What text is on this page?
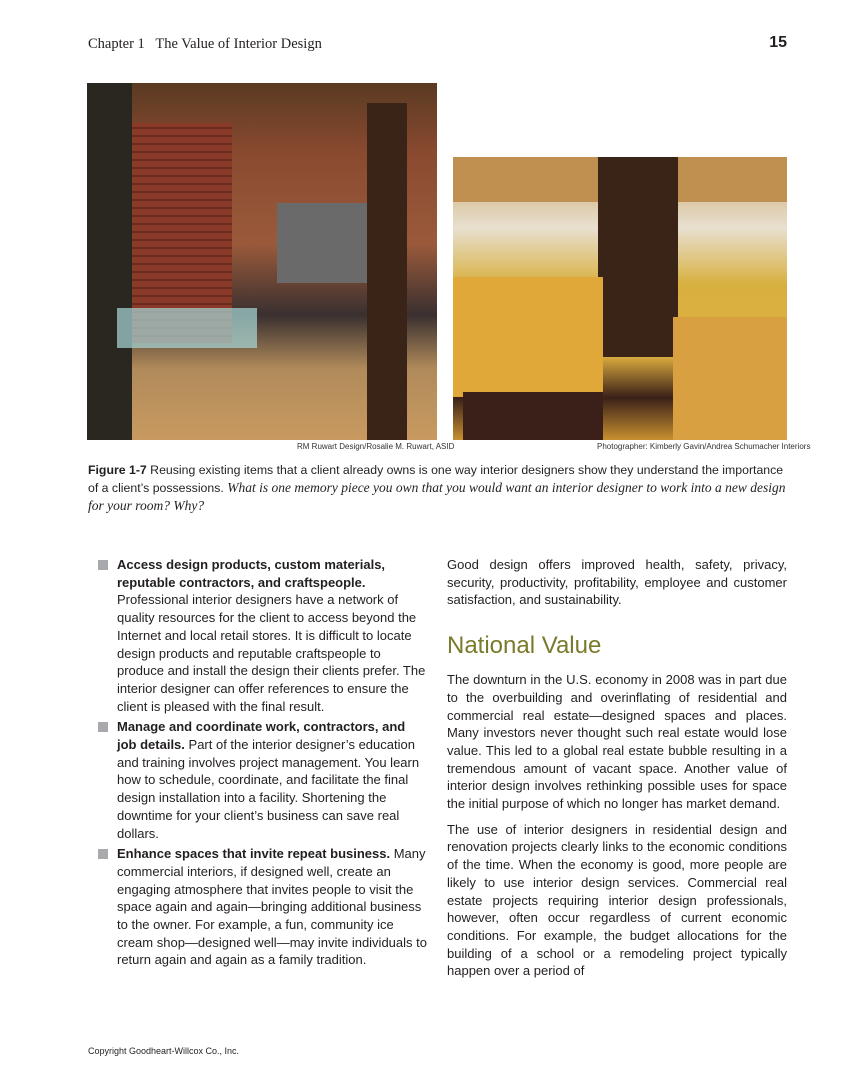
Chapter 1   The Value of Interior Design	15
RM Ruwart Design/Rosalie M. Ruwart, ASID	Photographer: Kimberly Gavin/Andrea Schumacher Interiors
Figure 1-7 Reusing existing items that a client already owns is one way interior designers show they understand the importance of a client’s possessions. What is one memory piece you own that you would want an interior designer to work into a new design for your room? Why?
Access design products, custom materials, reputable contractors, and craftspeople. Professional interior designers have a network of quality resources for the client to access beyond the Internet and local retail stores. It is difficult to locate design products and reputable craftspeople to produce and install the design their clients prefer. The interior designer can offer references to ensure the client is pleased with the final result.
Manage and coordinate work, contractors, and job details. Part of the interior designer’s education and training involves project management. You learn how to schedule, coordinate, and facilitate the final design installation into a facility. Shortening the downtime for your client’s business can save real dollars.
Enhance spaces that invite repeat business. Many commercial interiors, if designed well, create an engaging atmosphere that invites people to visit the space again and again—bringing additional business to the owner. For example, a fun, community ice cream shop—designed well—may invite individuals to return again and again as a family tradition.

Good design offers improved health, safety, privacy, security, productivity, profitability, employee and customer satisfaction, and sustainability.

National Value

The downturn in the U.S. economy in 2008 was in part due to the overbuilding and overinflating of residential and commercial real estate—designed spaces and places. Many investors never thought such real estate would lose value. This led to a global real estate bubble resulting in a tremendous amount of vacant space. Another value of interior design involves rethinking possible uses for space the initial purpose of which no longer has market demand.

The use of interior designers in residential design and renovation projects clearly links to the economic conditions of the time. When the economy is good, more people are likely to use interior design services. Commercial real estate projects requiring interior design professionals, however, often occur regardless of current economic conditions. For example, the budget allocations for the building of a school or a remodeling project typically happen over a period of

Copyright Goodheart-Willcox Co., Inc.
